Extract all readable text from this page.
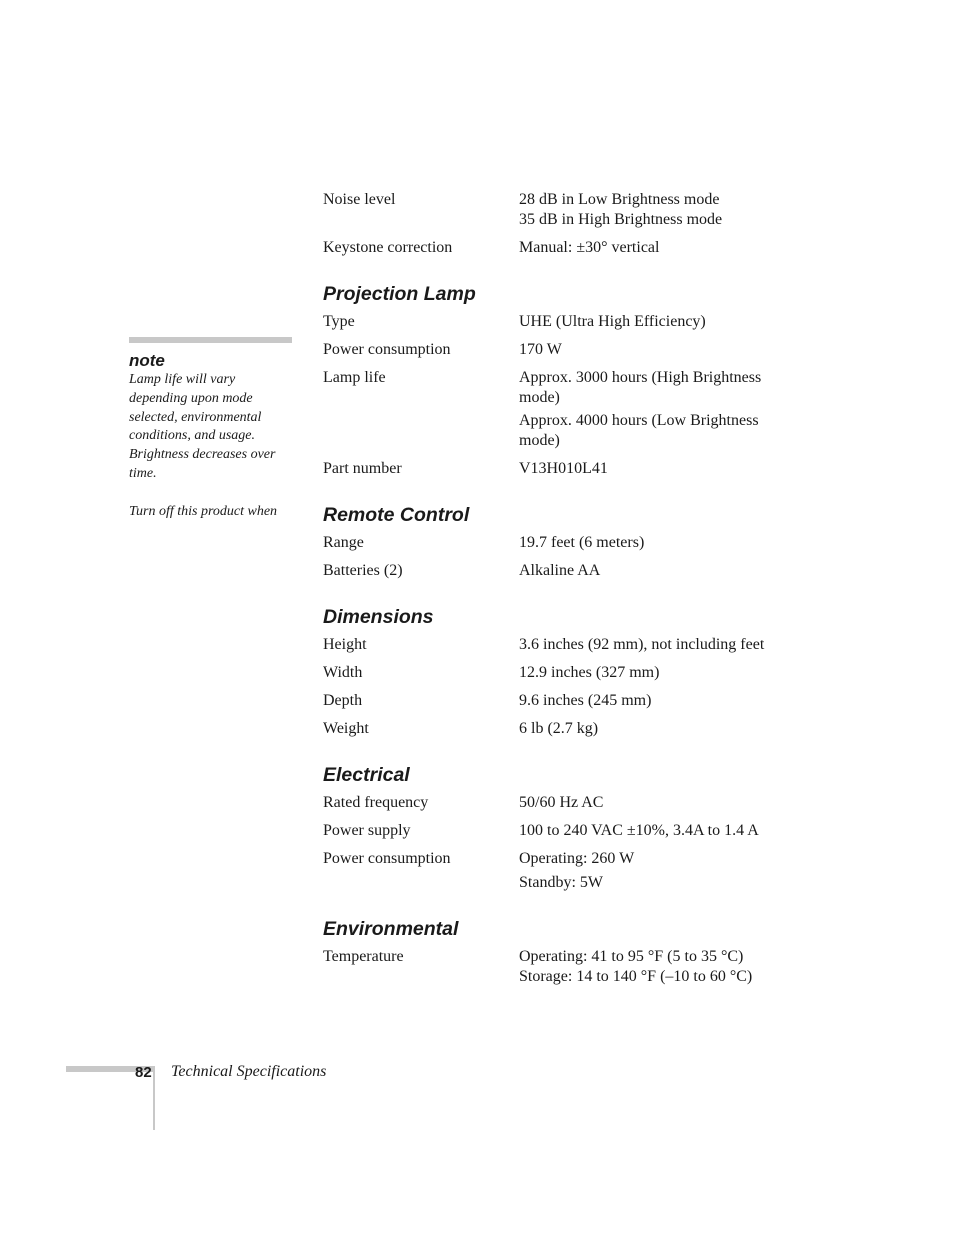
note

Lamp life will vary depending upon mode selected, environmental conditions, and usage. Brightness decreases over time.

Turn off this product when

Noise level	28 dB in Low Brightness mode
35 dB in High Brightness mode
Keystone correction	Manual: ±30° vertical
Projection Lamp
Type	UHE (Ultra High Efficiency)
Power consumption	170 W
Lamp life	Approx. 3000 hours (High Brightness mode)
Approx. 4000 hours (Low Brightness mode)
Part number	V13H010L41
Remote Control
Range	19.7 feet (6 meters)
Batteries (2)	Alkaline AA
Dimensions
Height	3.6 inches (92 mm), not including feet
Width	12.9 inches (327 mm)
Depth	9.6 inches (245 mm)
Weight	6 lb (2.7 kg)
Electrical
Rated frequency	50/60 Hz AC
Power supply	100 to 240 VAC ±10%, 3.4A to 1.4 A
Power consumption	Operating: 260 W
Standby: 5W
Environmental
Temperature	Operating: 41 to 95 °F (5 to 35 °C)
Storage: 14 to 140 °F (–10 to 60 °C)
82 Technical Specifications
